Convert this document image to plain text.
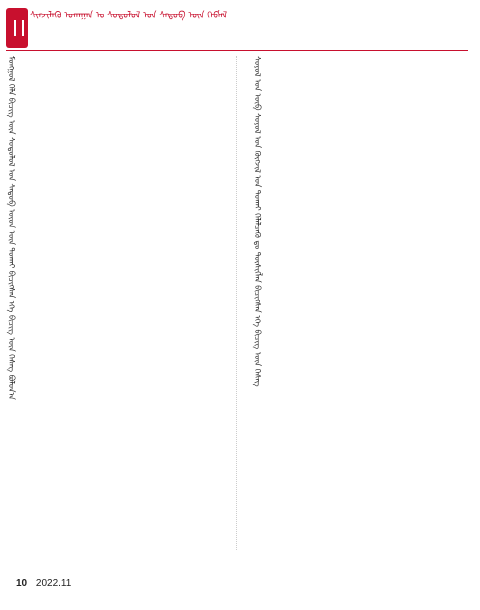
ᠰᠢᠨᠵᠢᠯᠡᠬᠦ ᠤᠬᠠᠭᠠᠨ ᠤ ᠰᠣᠳᠤᠯᠤᠯ ᠤᠨ ᠰᠡᠳᠦᠪ ᠦᠨ ᠬᠡᠪᠯᠡᠯ
ᠮᠣᠩᠭᠣᠯ ᠬᠡᠯᠡ ᠪᠢᠴᠢᠭ ᠦᠨ ᠰᠣᠳᠤᠯᠤᠯ ᠤᠨ ᠰᠡᠳᠦᠪ ᠦᠳ ᠦᠨ ᠲᠤᠬᠠᠢ ᠪᠢᠴᠢᠭᠰᠡᠨ ᠡᠬᠡ ᠪᠢᠴᠢᠭ ᠦᠨ ᠬᠡᠰᠡᠭ ᠪᠣᠯᠤᠨ᠎ᠠ	ᠰᠣᠶᠣᠯ ᠤᠨ ᠦᠪ ᠰᠣᠶᠣᠯ ᠤᠨ ᠬᠦᠭᠵᠢᠯ ᠤᠨ ᠲᠤᠬᠠᠢ ᠬᠡᠯᠡᠯᠴᠡᠬᠦ ᠳᠤ ᠲᠦᠰᠢᠭᠯᠡᠨ ᠪᠢᠴᠢᠭᠰᠡᠨ ᠡᠬᠡ ᠪᠢᠴᠢᠭ ᠦᠨ ᠬᠡᠰᠡᠭ
10 2022.11
